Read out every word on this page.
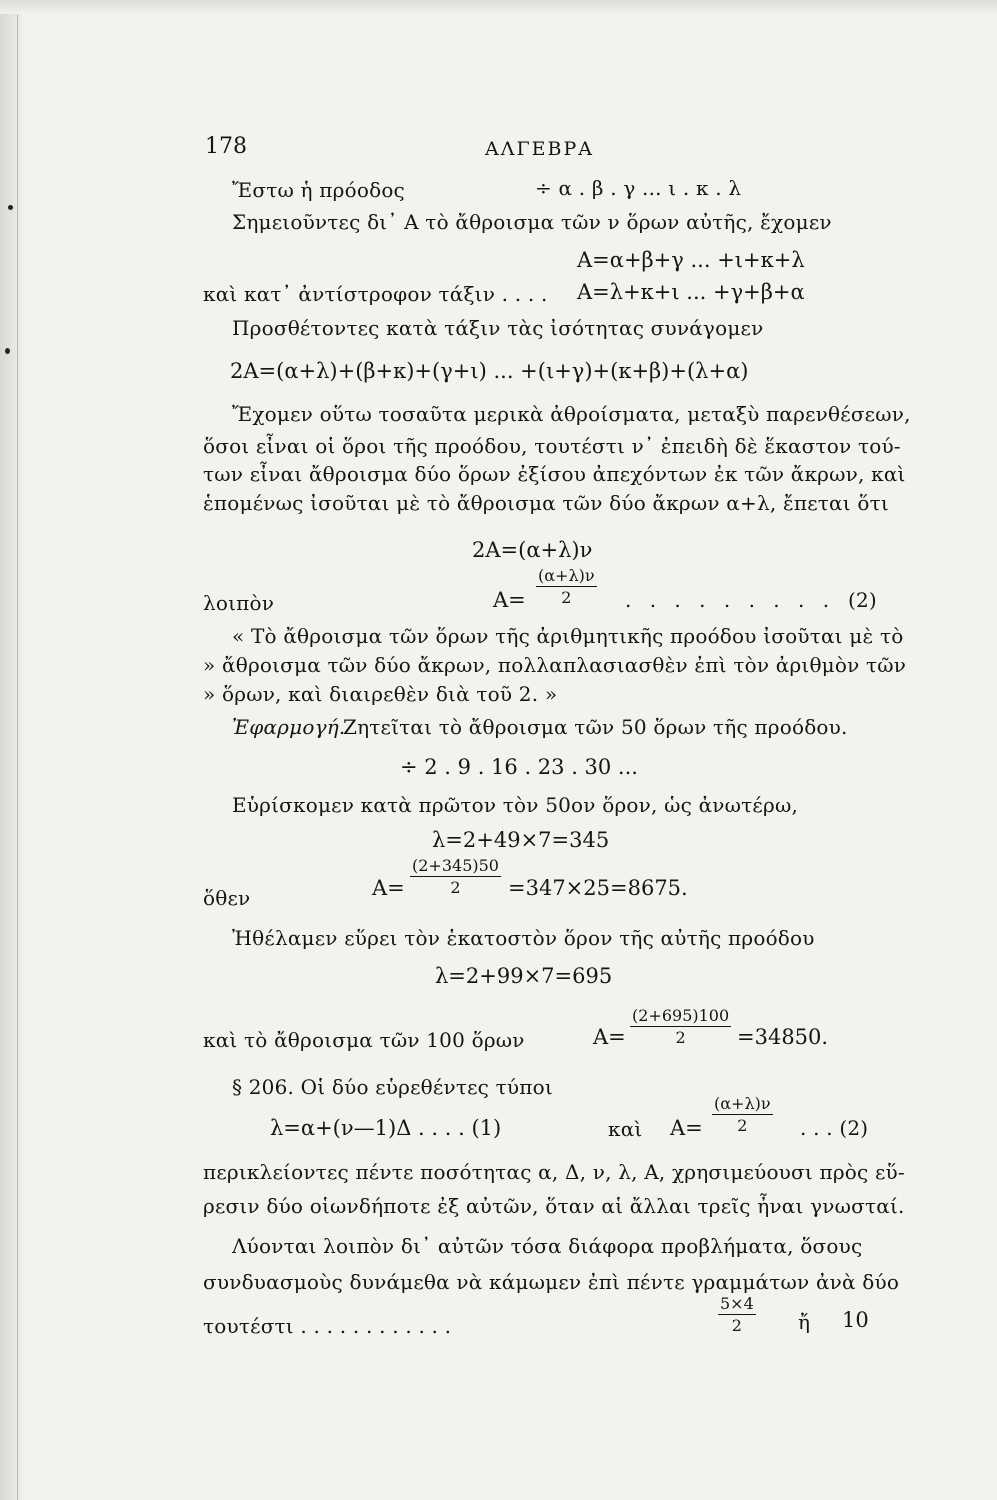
178	ΑΛΓΕΒΡΑ
Ἔστω ἡ πρόοδος	÷ α . β . γ ... ι . κ . λ
Σημειοῦντες δι᾽ Α τὸ ἄθροισμα τῶν ν ὅρων αὐτῆς, ἔχομεν
Α=α+β+γ ... +ι+κ+λ
καὶ κατ᾽ ἀντίστροφον τάξιν . . . . Α=λ+κ+ι ... +γ+β+α
Προσθέτοντες κατὰ τάξιν τὰς ἰσότητας συνάγομεν
2Α=(α+λ)+(β+κ)+(γ+ι) ... +(ι+γ)+(κ+β)+(λ+α)
Ἔχομεν οὕτω τοσαῦτα μερικὰ ἀθροίσματα, μεταξὺ παρενθέσεων,
ὅσοι εἶναι οἱ ὅροι τῆς προόδου, τουτέστι ν᾽ ἐπειδὴ δὲ ἕκαστον τού-
των εἶναι ἄθροισμα δύο ὅρων ἐξίσου ἀπεχόντων ἐκ τῶν ἄκρων, καὶ
ἑπομένως ἰσοῦται μὲ τὸ ἄθροισμα τῶν δύο ἄκρων α+λ, ἔπεται ὅτι
2Α=(α+λ)ν
λοιπὸν	$A= \frac{(\alpha+\lambda)\nu}{2}$ . . . . . . . . . (2)
« Τὸ ἄθροισμα τῶν ὅρων τῆς ἀριθμητικῆς προόδου ἰσοῦται μὲ τὸ
» ἄθροισμα τῶν δύο ἄκρων, πολλαπλασιασθὲν ἐπὶ τὸν ἀριθμὸν τῶν
» ὅρων, καὶ διαιρεθὲν διὰ τοῦ 2. »
Ἐφαρμογή.
Ζητεῖται τὸ ἄθροισμα τῶν 50 ὅρων τῆς προόδου.
÷ 2 . 9 . 16 . 23 . 30 ...
Εὑρίσκομεν κατὰ πρῶτον τὸν 50ον ὅρον, ὡς ἀνωτέρω,
λ=2+49×7=345
ὅθεν	$A= \frac{(2+345)50}{2} =347\times 25=8675$.
Ἠθέλαμεν εὕρει τὸν ἑκατοστὸν ὅρον τῆς αὐτῆς προόδου
λ=2+99×7=695
καὶ τὸ ἄθροισμα τῶν 100 ὅρων	$A= \frac{(2+695)100}{2} =34850$.
§ 206. Οἱ δύο εὑρεθέντες τύποι
λ=α+(ν—1)Δ . . . . (1)	καὶ $A= \frac{(\alpha+\lambda)\nu}{2}$ . . . (2)
περικλείοντες πέντε ποσότητας α, Δ, ν, λ, Α, χρησιμεύουσι πρὸς εὕ-
ρεσιν δύο οἱωνδήποτε ἐξ αὐτῶν, ὅταν αἱ ἄλλαι τρεῖς ἦναι γνωσταί.
Λύονται λοιπὸν δι᾽ αὐτῶν τόσα διάφορα προβλήματα, ὅσους
συνδυασμοὺς δυνάμεθα νὰ κάμωμεν ἐπὶ πέντε γραμμάτων ἀνὰ δύο
τουτέστι . . . . . . . . . . . .	$\frac{5\times 4}{2}$ ἤ 10
